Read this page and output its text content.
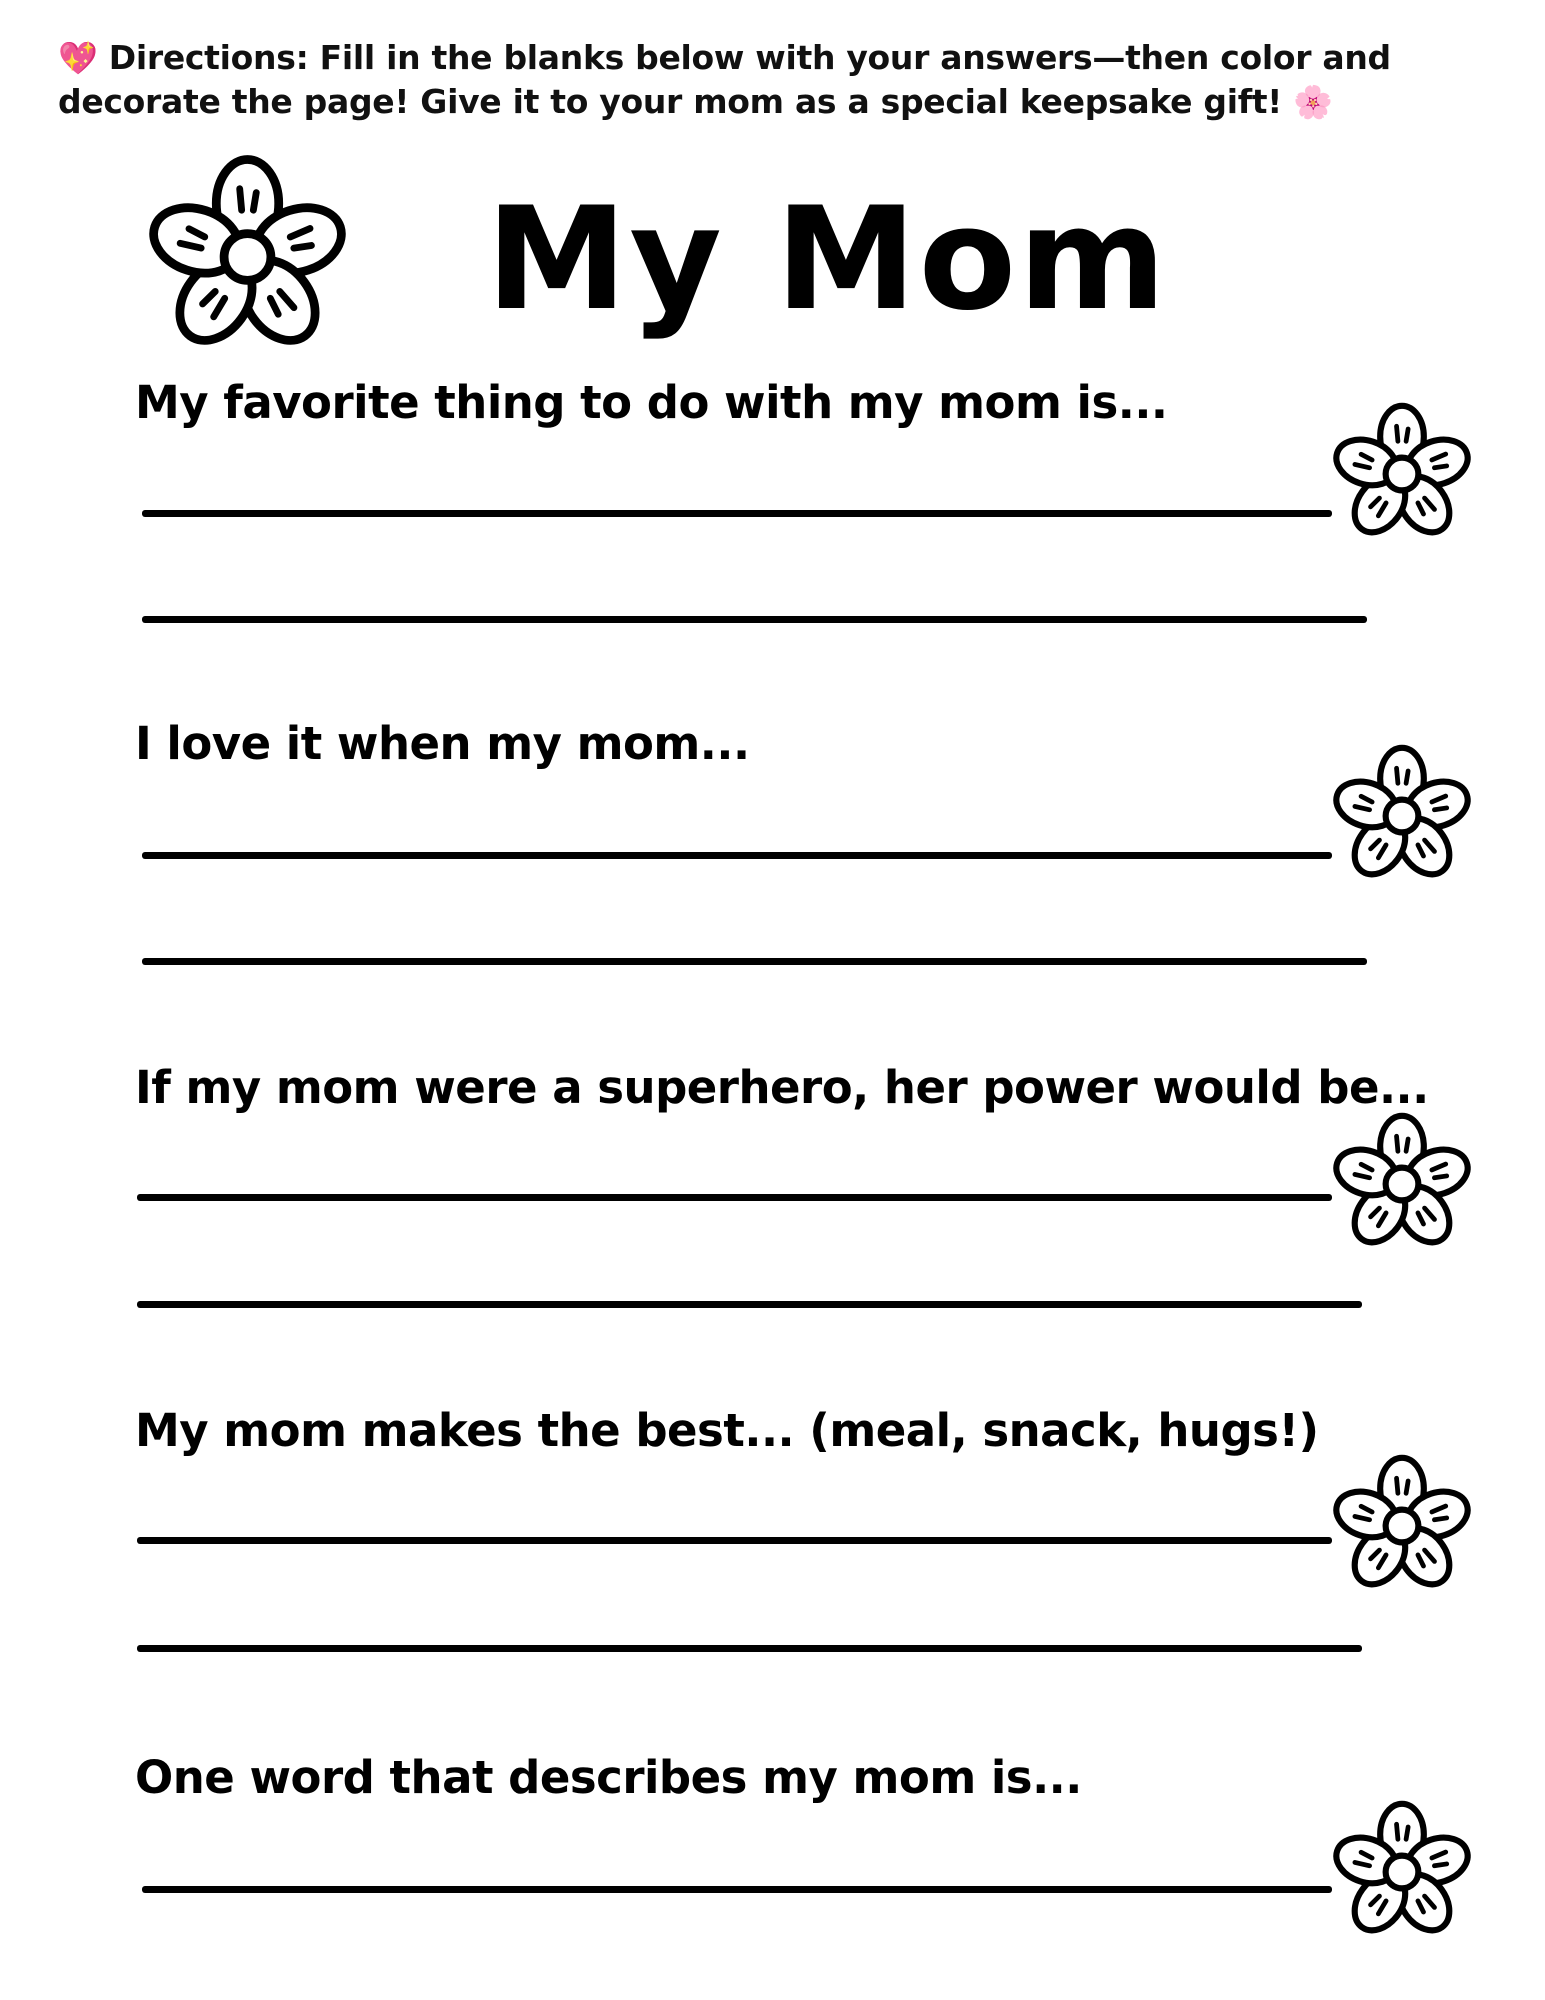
💖 Directions: Fill in the blanks below with your answers—then color and decorate the page! Give it to your mom as a special keepsake gift! 🌸
My Mom

My favorite thing to do with my mom is...

I love it when my mom...

If my mom were a superhero, her power would be...

My mom makes the best... (meal, snack, hugs!)

One word that describes my mom is...
